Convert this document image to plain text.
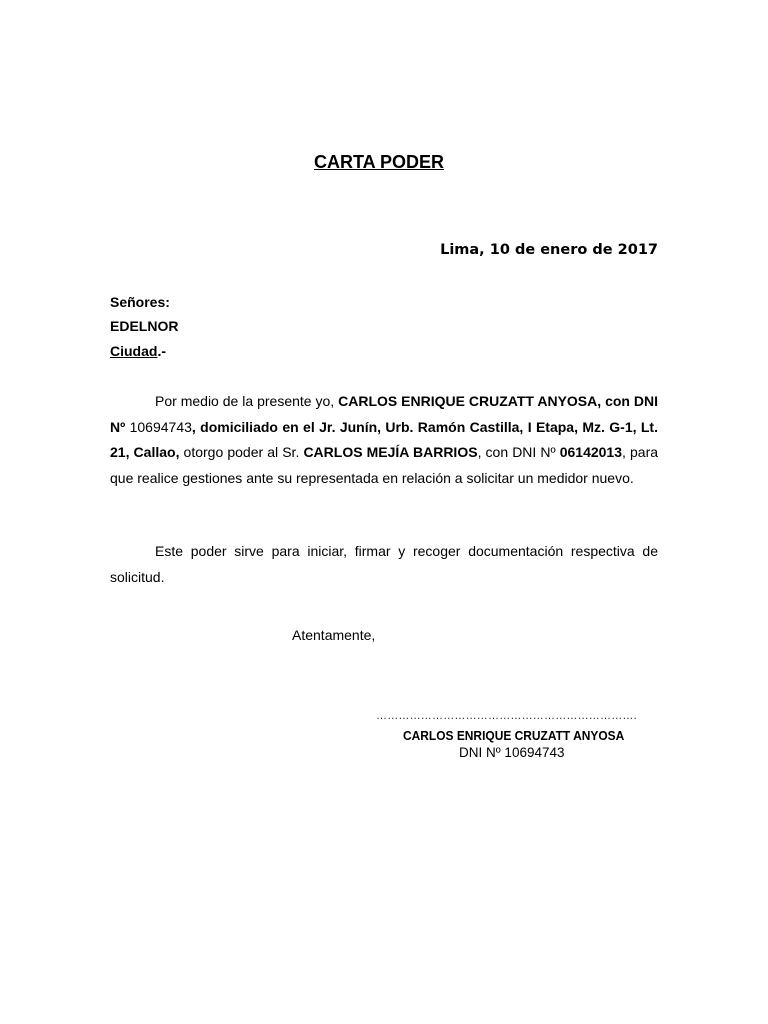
CARTA PODER
Lima, 10 de enero de 2017
Señores:
EDELNOR
Ciudad.-

Por medio de la presente yo, CARLOS ENRIQUE CRUZATT ANYOSA, con DNI Nº 10694743, domiciliado en el Jr. Junín, Urb. Ramón Castilla, I Etapa, Mz. G-1, Lt. 21, Callao, otorgo poder al Sr. CARLOS MEJÍA BARRIOS, con DNI Nº 06142013, para que realice gestiones ante su representada en relación a solicitar un medidor nuevo.

Este poder sirve para iniciar, firmar y recoger documentación respectiva de solicitud.

Atentamente,
…………………………………………………………….
CARLOS ENRIQUE CRUZATT ANYOSA
DNI Nº 10694743
